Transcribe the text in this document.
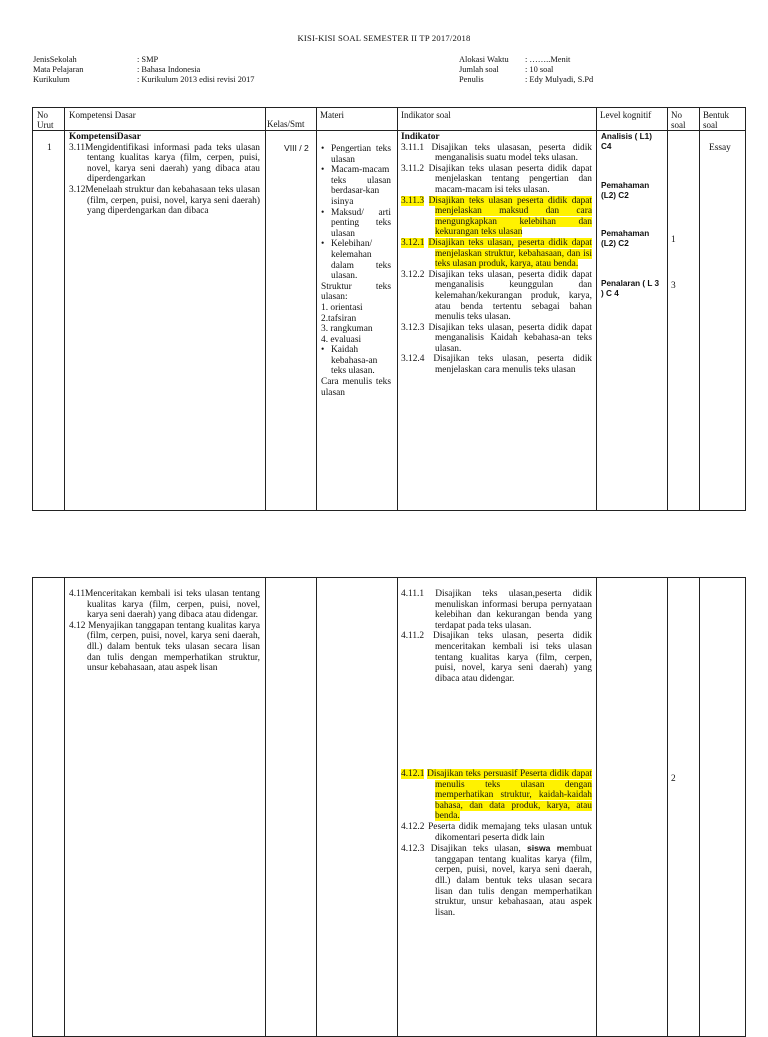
KISI-KISI SOAL SEMESTER II TP 2017/2018
JenisSekolah	: SMP
Mata Pelajaran	: Bahasa Indonesia
Kurikulum	: Kurikulum 2013 edisi revisi 2017
Alokasi Waktu	: ……..Menit
Jumlah soal	: 10 soal
Penulis	: Edy Mulyadi, S.Pd
No Urut
Kompetensi Dasar
Kelas/Smt
Materi	Indikator soal	Level kognitif No soal
Bentuk soal
1
KompetensiDasar
3.11Mengidentifikasi informasi pada teks ulasan tentang kualitas karya (film, cerpen, puisi, novel, karya seni daerah) yang dibaca atau diperdengarkan
3.12Menelaah struktur dan kebahasaan teks ulasan (film, cerpen, puisi, novel, karya seni daerah) yang diperdengarkan dan dibaca
VIII / 2
•	Pengertian teks ulasan
• Macam-macam teks ulasan berdasar-kan isinya
• Maksud/ arti penting teks ulasan
• Kelebihan/ kelemahan dalam teks ulasan.
Struktur teks ulasan:
1. orientasi
2.tafsiran
3. rangkuman
4. evaluasi
• Kaidah kebahasa-an teks ulasan.
Cara menulis teks ulasan
Indikator
3.11.1 Disajikan teks ulasasan, peserta didik menganalisis suatu model teks ulasan.
3.11.2 Disajikan teks ulasan peserta didik dapat menjelaskan tentang pengertian dan macam-macam isi teks ulasan.
3.11.3 Disajikan teks ulasan peserta didik dapat menjelaskan maksud dan cara mengungkapkan kelebihan dan kekurangan teks ulasan
3.12.1 Disajikan teks ulasan, peserta didik dapat menjelaskan struktur, kebahasaan, dan isi teks ulasan produk, karya, atau benda.
3.12.2 Disajikan teks ulasan, peserta didik dapat menganalisis keunggulan dan kelemahan/kekurangan produk, karya, atau benda tertentu sebagai bahan menulis teks ulasan.
3.12.3 Disajikan teks ulasan, peserta didik dapat menganalisis Kaidah kebahasa-an teks ulasan.
3.12.4 Disajikan teks ulasan, peserta didik menjelaskan cara menulis teks ulasan
Analisis ( L1) C4
Pemahaman (L2) C2
Pemahaman (L2) C2
Penalaran ( L 3 ) C 4
1
3
Essay
4.11Menceritakan kembali isi teks ulasan tentang kualitas karya (film, cerpen, puisi, novel, karya seni daerah) yang dibaca atau didengar.
4.12 Menyajikan tanggapan tentang kualitas karya (film, cerpen, puisi, novel, karya seni daerah, dll.) dalam bentuk teks ulasan secara lisan dan tulis dengan memperhatikan struktur, unsur kebahasaan, atau aspek lisan
4.11.1 Disajikan teks ulasan,peserta didik menuliskan informasi berupa pernyataan kelebihan dan kekurangan benda yang terdapat pada teks ulasan.
4.11.2 Disajikan teks ulasan, peserta didik menceritakan kembali isi teks ulasan tentang kualitas karya (film, cerpen, puisi, novel, karya seni daerah) yang dibaca atau didengar.
4.12.1 Disajikan teks persuasif Peserta didik dapat menulis teks ulasan dengan memperhatikan struktur, kaidah-kaidah bahasa, dan data produk, karya, atau benda.
4.12.2 Peserta didik memajang teks ulasan untuk dikomentari peserta didk lain
4.12.3 Disajikan teks ulasan, siswa membuat tanggapan tentang kualitas karya (film, cerpen, puisi, novel, karya seni daerah, dll.) dalam bentuk teks ulasan secara lisan dan tulis dengan memperhatikan struktur, unsur kebahasaan, atau aspek lisan.
2
